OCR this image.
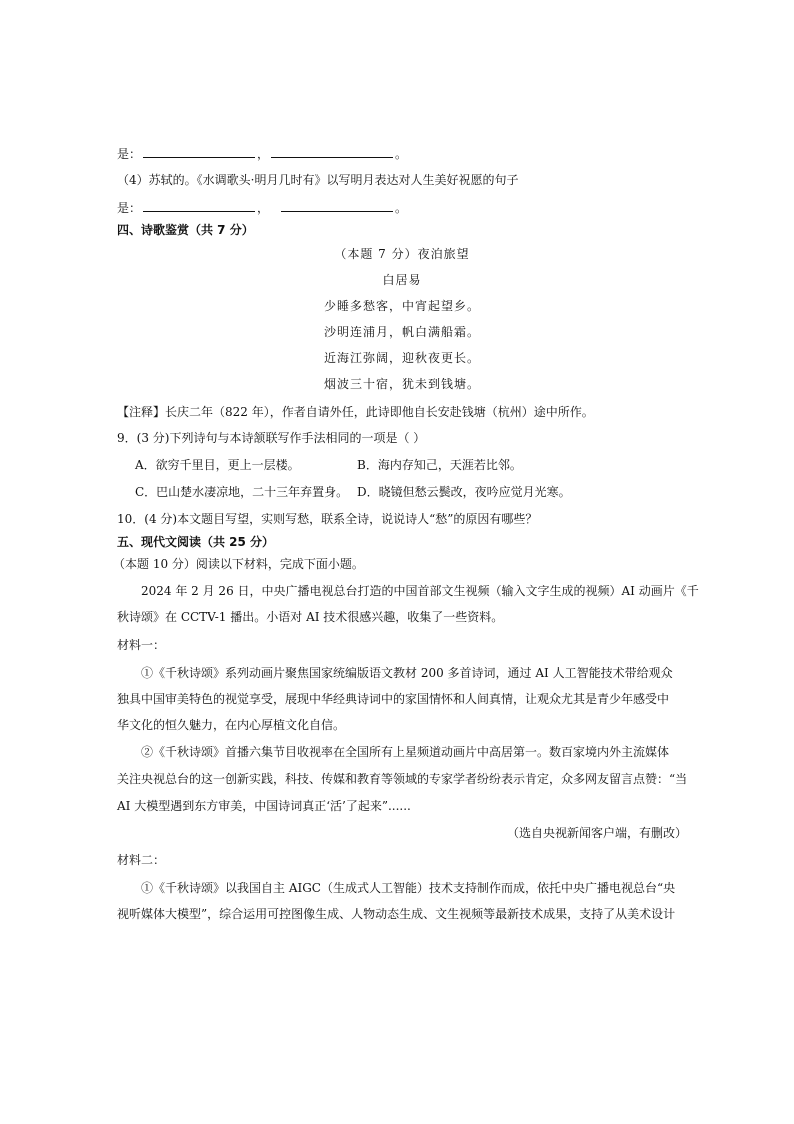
是：	，	。
（4）苏轼的。《水调歌头·明月几时有》以写明月表达对人生美好祝愿的句子
是：	，	。
四、诗歌鉴赏（共 7 分）
（本题 7 分）夜泊旅望
白居易
少睡多愁客，中宵起望乡。
沙明连浦月，帆白满船霜。
近海江弥阔，迎秋夜更长。
烟波三十宿，犹未到钱塘。
【注释】长庆二年（822 年），作者自请外任，此诗即他自长安赴钱塘（杭州）途中所作。
9．(3 分)下列诗句与本诗颔联写作手法相同的一项是（ ）
A．欲穷千里目，更上一层楼。	B．海内存知己，天涯若比邻。
C．巴山楚水凄凉地，二十三年弃置身。 D．晓镜但愁云鬓改，夜吟应觉月光寒。
10．(4 分)本文题目写望，实则写愁，联系全诗，说说诗人“愁”的原因有哪些？
五、现代文阅读（共 25 分）
（本题 10 分）阅读以下材料，完成下面小题。
2024 年 2 月 26 日，中央广播电视总台打造的中国首部文生视频（输入文字生成的视频）AI 动画片《千
秋诗颂》在 CCTV-1 播出。小语对 AI 技术很感兴趣，收集了一些资料。
材料一：
①《千秋诗颂》系列动画片聚焦国家统编版语文教材 200 多首诗词，通过 AI 人工智能技术带给观众
独具中国审美特色的视觉享受，展现中华经典诗词中的家国情怀和人间真情，让观众尤其是青少年感受中
华文化的恒久魅力，在内心厚植文化自信。
②《千秋诗颂》首播六集节目收视率在全国所有上星频道动画片中高居第一。数百家境内外主流媒体
关注央视总台的这一创新实践，科技、传媒和教育等领域的专家学者纷纷表示肯定，众多网友留言点赞：“当
AI 大模型遇到东方审美，中国诗词真正‘活’了起来”......
（选自央视新闻客户端，有删改）
材料二：
①《千秋诗颂》以我国自主 AIGC（生成式人工智能）技术支持制作而成，依托中央广播电视总台“央
视听媒体大模型”，综合运用可控图像生成、人物动态生成、文生视频等最新技术成果，支持了从美术设计
